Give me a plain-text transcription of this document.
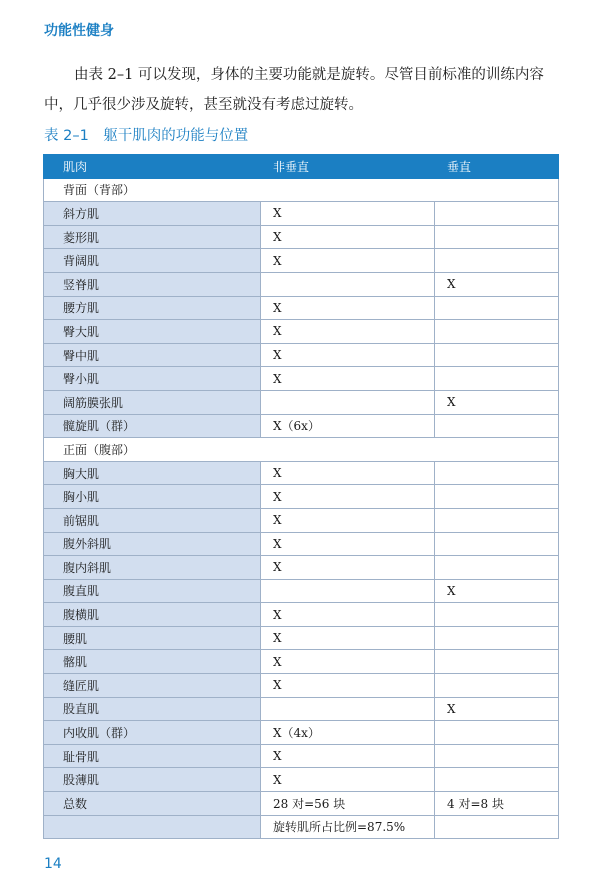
功能性健身

由表 2–1 可以发现，身体的主要功能就是旋转。尽管目前标准的训练内容中，几乎很少涉及旋转，甚至就没有考虑过旋转。

表 2–1　躯干肌肉的功能与位置
肌肉	非垂直	垂直
背面（背部）		
斜方肌	X	
菱形肌	X	
背阔肌	X	
竖脊肌		X
腰方肌	X	
臀大肌	X	
臀中肌	X	
臀小肌	X	
阔筋膜张肌		X
髋旋肌（群）	X（6x）	
正面（腹部）		
胸大肌	X	
胸小肌	X	
前锯肌	X	
腹外斜肌	X	
腹内斜肌	X	
腹直肌		X
腹横肌	X	
腰肌	X	
髂肌	X	
缝匠肌	X	
股直肌		X
内收肌（群）	X（4x）	
耻骨肌	X	
股薄肌	X	
总数	28 对=56 块	4 对=8 块
	旋转肌所占比例=87.5%	
14
